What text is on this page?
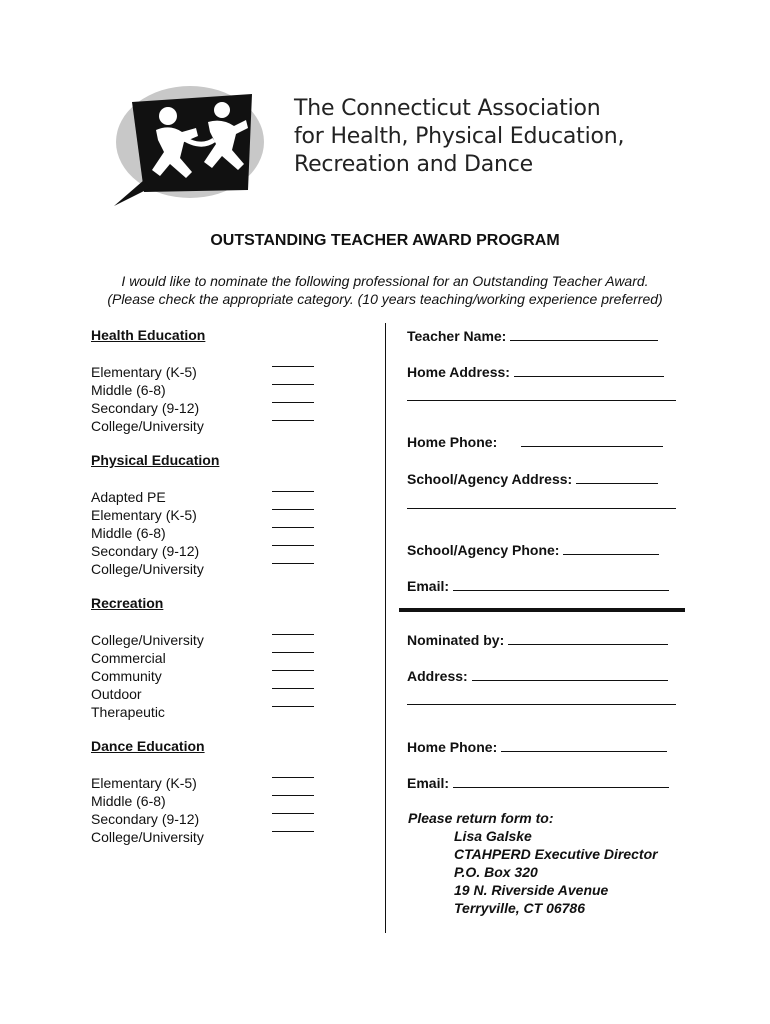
The Connecticut Association
for Health, Physical Education,
Recreation and Dance
OUTSTANDING TEACHER AWARD PROGRAM
I would like to nominate the following professional for an Outstanding Teacher Award.
(Please check the appropriate category. (10 years teaching/working experience preferred)
Health Education
Elementary (K-5)
Middle (6-8)
Secondary (9-12)
College/University
Physical Education
Adapted PE
Elementary (K-5)
Middle (6-8)
Secondary (9-12)
College/University
Recreation
College/University
Commercial
Community
Outdoor
Therapeutic
Dance Education
Elementary (K-5)
Middle (6-8)
Secondary (9-12)
College/University
Teacher Name:
Home Address:
Home Phone:
School/Agency Address:
School/Agency Phone:
Email:
Nominated by:
Address:
Home Phone:
Email:
Please return form to:
Lisa Galske
CTAHPERD Executive Director
P.O. Box 320
19 N. Riverside Avenue
Terryville, CT 06786
